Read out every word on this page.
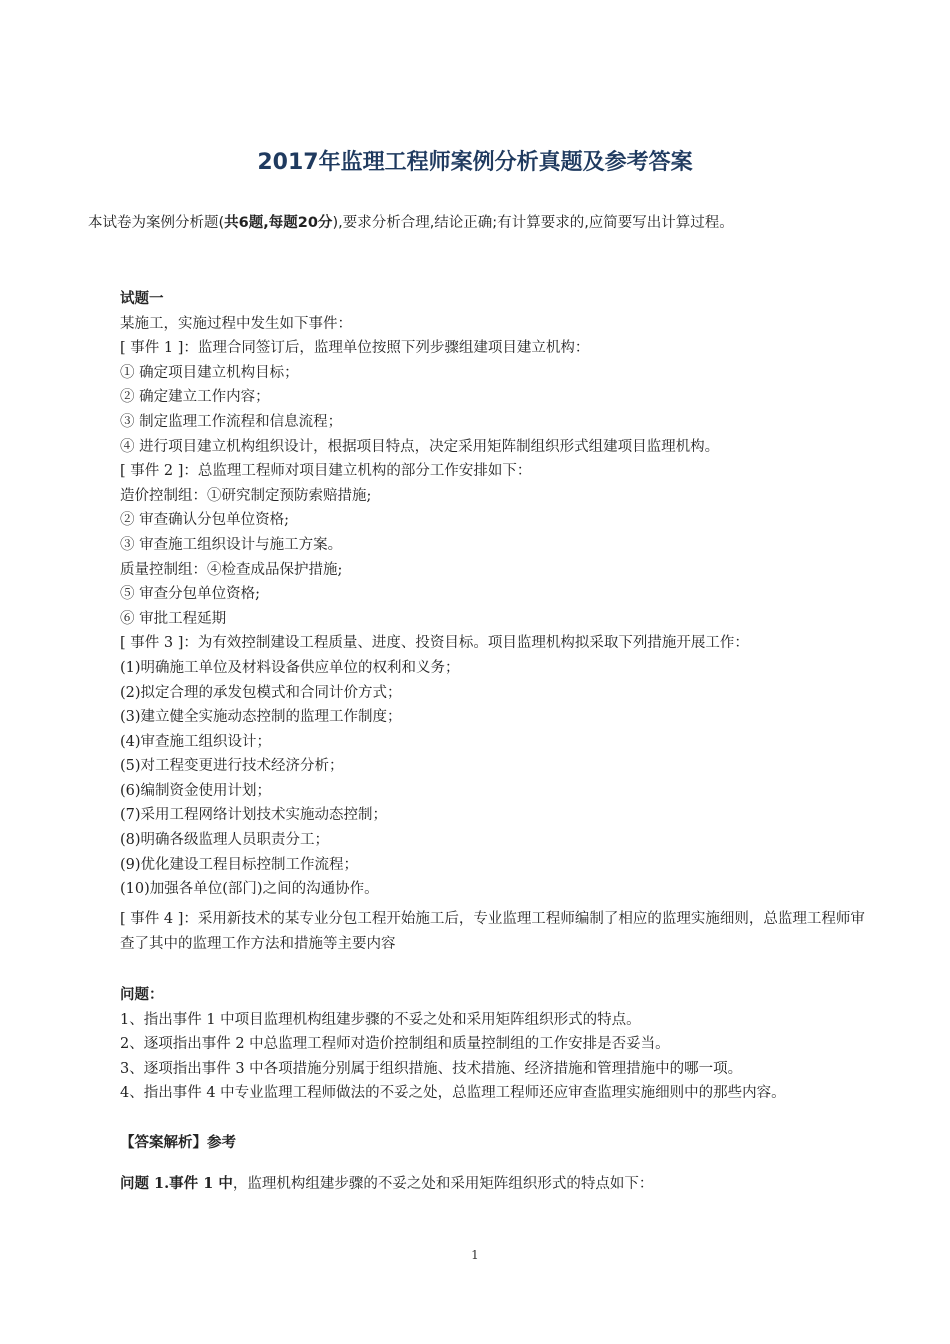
2017年监理工程师案例分析真题及参考答案
本试卷为案例分析题(共6题,每题20分),要求分析合理,结论正确;有计算要求的,应简要写出计算过程。
试题一
某施工，实施过程中发生如下事件：
[ 事件 1 ]：监理合同签订后，监理单位按照下列步骤组建项目建立机构：
① 确定项目建立机构目标；
② 确定建立工作内容；
③ 制定监理工作流程和信息流程；
④ 进行项目建立机构组织设计，根据项目特点，决定采用矩阵制组织形式组建项目监理机构。
[ 事件 2 ]：总监理工程师对项目建立机构的部分工作安排如下：
造价控制组：①研究制定预防索赔措施;
② 审查确认分包单位资格;
③ 审查施工组织设计与施工方案。
质量控制组：④检查成品保护措施;
⑤ 审查分包单位资格;
⑥ 审批工程延期
[ 事件 3 ]：为有效控制建设工程质量、进度、投资目标。项目监理机构拟采取下列措施开展工作：
(1)明确施工单位及材料设备供应单位的权利和义务；
(2)拟定合理的承发包模式和合同计价方式；
(3)建立健全实施动态控制的监理工作制度；
(4)审查施工组织设计；
(5)对工程变更进行技术经济分析；
(6)编制资金使用计划；
(7)采用工程网络计划技术实施动态控制；
(8)明确各级监理人员职责分工；
(9)优化建设工程目标控制工作流程；
(10)加强各单位(部门)之间的沟通协作。
[ 事件 4 ]：采用新技术的某专业分包工程开始施工后，专业监理工程师编制了相应的监理实施细则，总监理工程师审查了其中的监理工作方法和措施等主要内容
问题：
1、指出事件 1 中项目监理机构组建步骤的不妥之处和采用矩阵组织形式的特点。
2、逐项指出事件 2 中总监理工程师对造价控制组和质量控制组的工作安排是否妥当。
3、逐项指出事件 3 中各项措施分别属于组织措施、技术措施、经济措施和管理措施中的哪一项。
4、指出事件 4 中专业监理工程师做法的不妥之处，总监理工程师还应审查监理实施细则中的那些内容。
【答案解析】参考
问题 1.事件 1 中，监理机构组建步骤的不妥之处和采用矩阵组织形式的特点如下：
1
